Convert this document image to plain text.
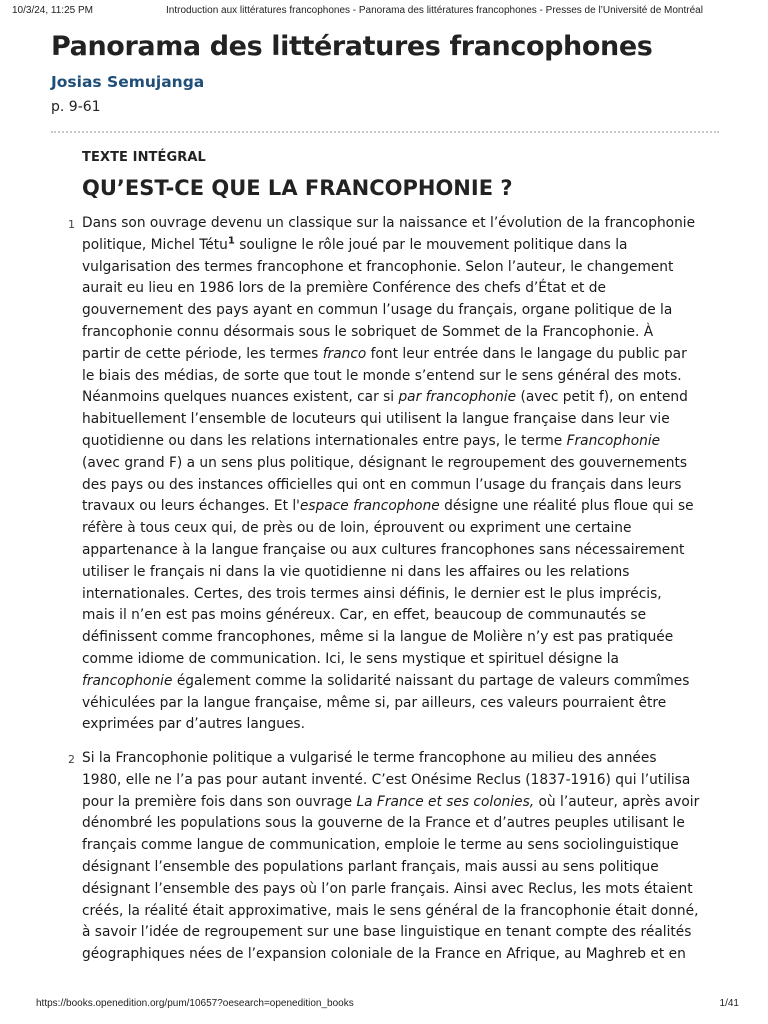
10/3/24, 11:25 PM	Introduction aux littératures francophones - Panorama des littératures francophones - Presses de l’Université de Montréal
Panorama des littératures francophones
Josias Semujanga
p. 9-61
TEXTE INTÉGRAL
QU’EST-CE QUE LA FRANCOPHONIE ?
1 Dans son ouvrage devenu un classique sur la naissance et l’évolution de la francophonie
politique, Michel Tétu$^1$ souligne le rôle joué par le mouvement politique dans la
vulgarisation des termes francophone et francophonie. Selon l’auteur, le changement
aurait eu lieu en 1986 lors de la première Conférence des chefs d’État et de
gouvernement des pays ayant en commun l’usage du français, organe politique de la
francophonie connu désormais sous le sobriquet de Sommet de la Francophonie. À
partir de cette période, les termes franco font leur entrée dans le langage du public par
le biais des médias, de sorte que tout le monde s’entend sur le sens général des mots.
Néanmoins quelques nuances existent, car si par francophonie (avec petit f), on entend
habituellement l’ensemble de locuteurs qui utilisent la langue française dans leur vie
quotidienne ou dans les relations internationales entre pays, le terme Francophonie
(avec grand F) a un sens plus politique, désignant le regroupement des gouvernements
des pays ou des instances officielles qui ont en commun l’usage du français dans leurs
travaux ou leurs échanges. Et l'espace francophone désigne une réalité plus floue qui se
réfère à tous ceux qui, de près ou de loin, éprouvent ou expriment une certaine
appartenance à la langue française ou aux cultures francophones sans nécessairement
utiliser le français ni dans la vie quotidienne ni dans les affaires ou les relations
internationales. Certes, des trois termes ainsi définis, le dernier est le plus imprécis,
mais il n’en est pas moins généreux. Car, en effet, beaucoup de communautés se
définissent comme francophones, même si la langue de Molière n’y est pas pratiquée
comme idiome de communication. Ici, le sens mystique et spirituel désigne la
francophonie également comme la solidarité naissant du partage de valeurs commîmes
véhiculées par la langue française, même si, par ailleurs, ces valeurs pourraient être
exprimées par d’autres langues.
2 Si la Francophonie politique a vulgarisé le terme francophone au milieu des années
1980, elle ne l’a pas pour autant inventé. C’est Onésime Reclus (1837-1916) qui l’utilisa
pour la première fois dans son ouvrage La France et ses colonies, où l’auteur, après avoir
dénombré les populations sous la gouverne de la France et d’autres peuples utilisant le
français comme langue de communication, emploie le terme au sens sociolinguistique
désignant l’ensemble des populations parlant français, mais aussi au sens politique
désignant l’ensemble des pays où l’on parle français. Ainsi avec Reclus, les mots étaient
créés, la réalité était approximative, mais le sens général de la francophonie était donné,
à savoir l’idée de regroupement sur une base linguistique en tenant compte des réalités
géographiques nées de l’expansion coloniale de la France en Afrique, au Maghreb et en
https://books.openedition.org/pum/10657?oesearch=openedition_books	1/41
